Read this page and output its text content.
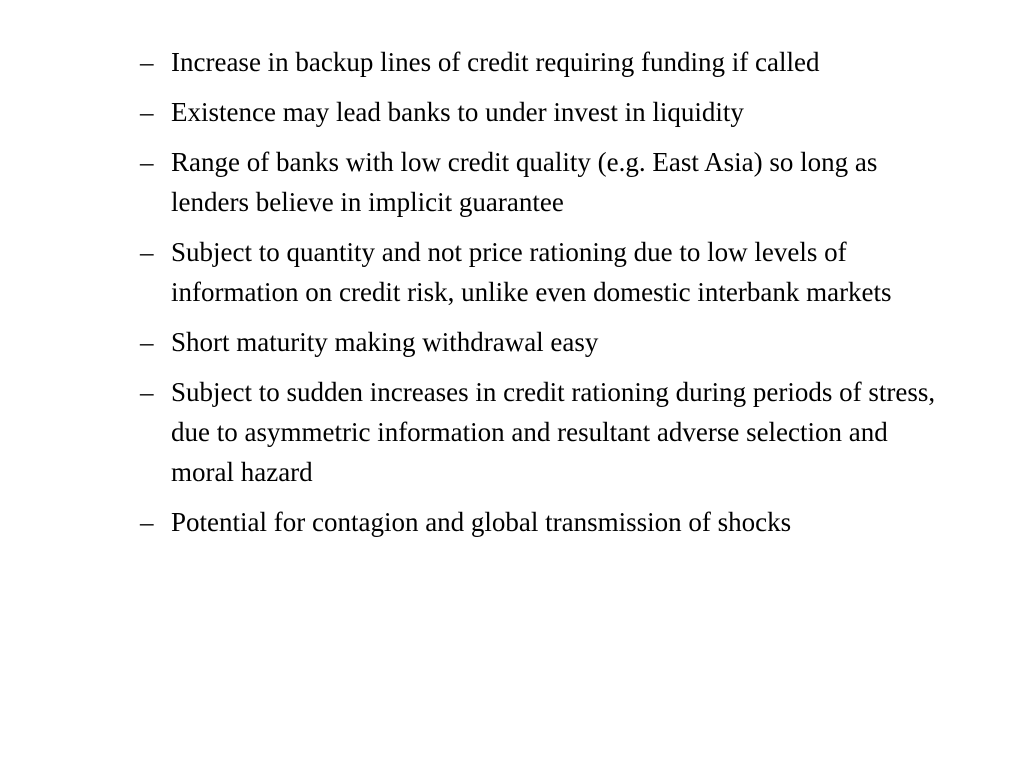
– Increase in backup lines of credit requiring funding if called
– Existence may lead banks to under invest in liquidity
– Range of banks with low credit quality (e.g. East Asia) so long as lenders believe in implicit guarantee
– Subject to quantity and not price rationing due to low levels of information on credit risk, unlike even domestic interbank markets
– Short maturity making withdrawal easy
– Subject to sudden increases in credit rationing during periods of stress, due to asymmetric information and resultant adverse selection and moral hazard
– Potential for contagion and global transmission of shocks
